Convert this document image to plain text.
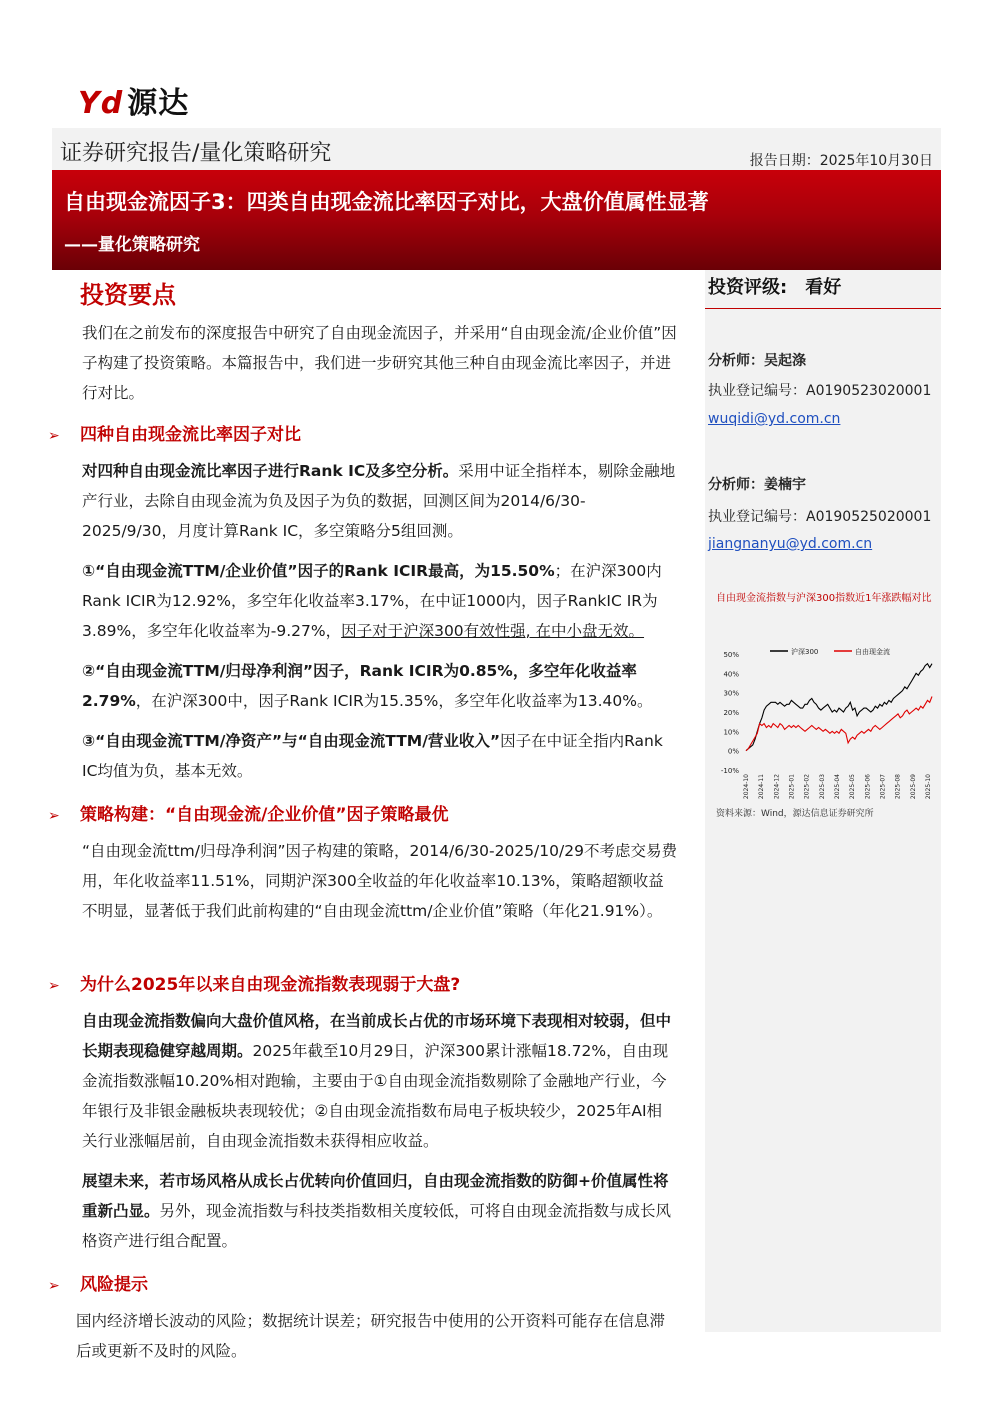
Yd 源达
证券研究报告/量化策略研究	报告日期：2025年10月30日
自由现金流因子3：四类自由现金流比率因子对比，大盘价值属性显著
——量化策略研究
投资评级: 看好
分析师：吴起涤
执业登记编号：A0190523020001
wuqidi@yd.com.cn
分析师：姜楠宇
执业登记编号：A0190525020001
jiangnanyu@yd.com.cn
自由现金流指数与沪深300指数近1年涨跌幅对比
沪深300	自由现金流
50%
40%
30%
20%
10%
0%
-10%
2024-10 2024-11 2024-12 2025-01 2025-02 2025-03 2025-04 2025-05 2025-06 2025-07 2025-08 2025-09 2025-10
资料来源：Wind，源达信息证券研究所
投资要点
我们在之前发布的深度报告中研究了自由现金流因子，并采用“自由现金流/企业价值”因子构建了投资策略。本篇报告中，我们进一步研究其他三种自由现金流比率因子，并进行对比。
➢ 四种自由现金流比率因子对比
对四种自由现金流比率因子进行Rank IC及多空分析。采用中证全指样本，剔除金融地产行业，去除自由现金流为负及因子为负的数据，回测区间为2014/6/30-2025/9/30，月度计算Rank IC，多空策略分5组回测。
①“自由现金流TTM/企业价值”因子的Rank ICIR最高，为15.50%；在沪深300内Rank ICIR为12.92%，多空年化收益率3.17%，在中证1000内，因子RankIC IR为3.89%，多空年化收益率为-9.27%，因子对于沪深300有效性强, 在中小盘无效。
②“自由现金流TTM/归母净利润”因子，Rank ICIR为0.85%，多空年化收益率2.79%，在沪深300中，因子Rank ICIR为15.35%，多空年化收益率为13.40%。
③“自由现金流TTM/净资产”与“自由现金流TTM/营业收入”因子在中证全指内Rank IC均值为负，基本无效。
➢ 策略构建：“自由现金流/企业价值”因子策略最优
“自由现金流ttm/归母净利润”因子构建的策略，2014/6/30-2025/10/29不考虑交易费用，年化收益率11.51%，同期沪深300全收益的年化收益率10.13%，策略超额收益不明显，显著低于我们此前构建的“自由现金流ttm/企业价值”策略（年化21.91%）。
➢ 为什么2025年以来自由现金流指数表现弱于大盘?
自由现金流指数偏向大盘价值风格，在当前成长占优的市场环境下表现相对较弱，但中长期表现稳健穿越周期。2025年截至10月29日，沪深300累计涨幅18.72%，自由现金流指数涨幅10.20%相对跑输，主要由于①自由现金流指数剔除了金融地产行业，今年银行及非银金融板块表现较优；②自由现金流指数布局电子板块较少，2025年AI相关行业涨幅居前，自由现金流指数未获得相应收益。
展望未来，若市场风格从成长占优转向价值回归，自由现金流指数的防御+价值属性将重新凸显。另外，现金流指数与科技类指数相关度较低，可将自由现金流指数与成长风格资产进行组合配置。
➢ 风险提示
国内经济增长波动的风险；数据统计误差；研究报告中使用的公开资料可能存在信息滞后或更新不及时的风险。
